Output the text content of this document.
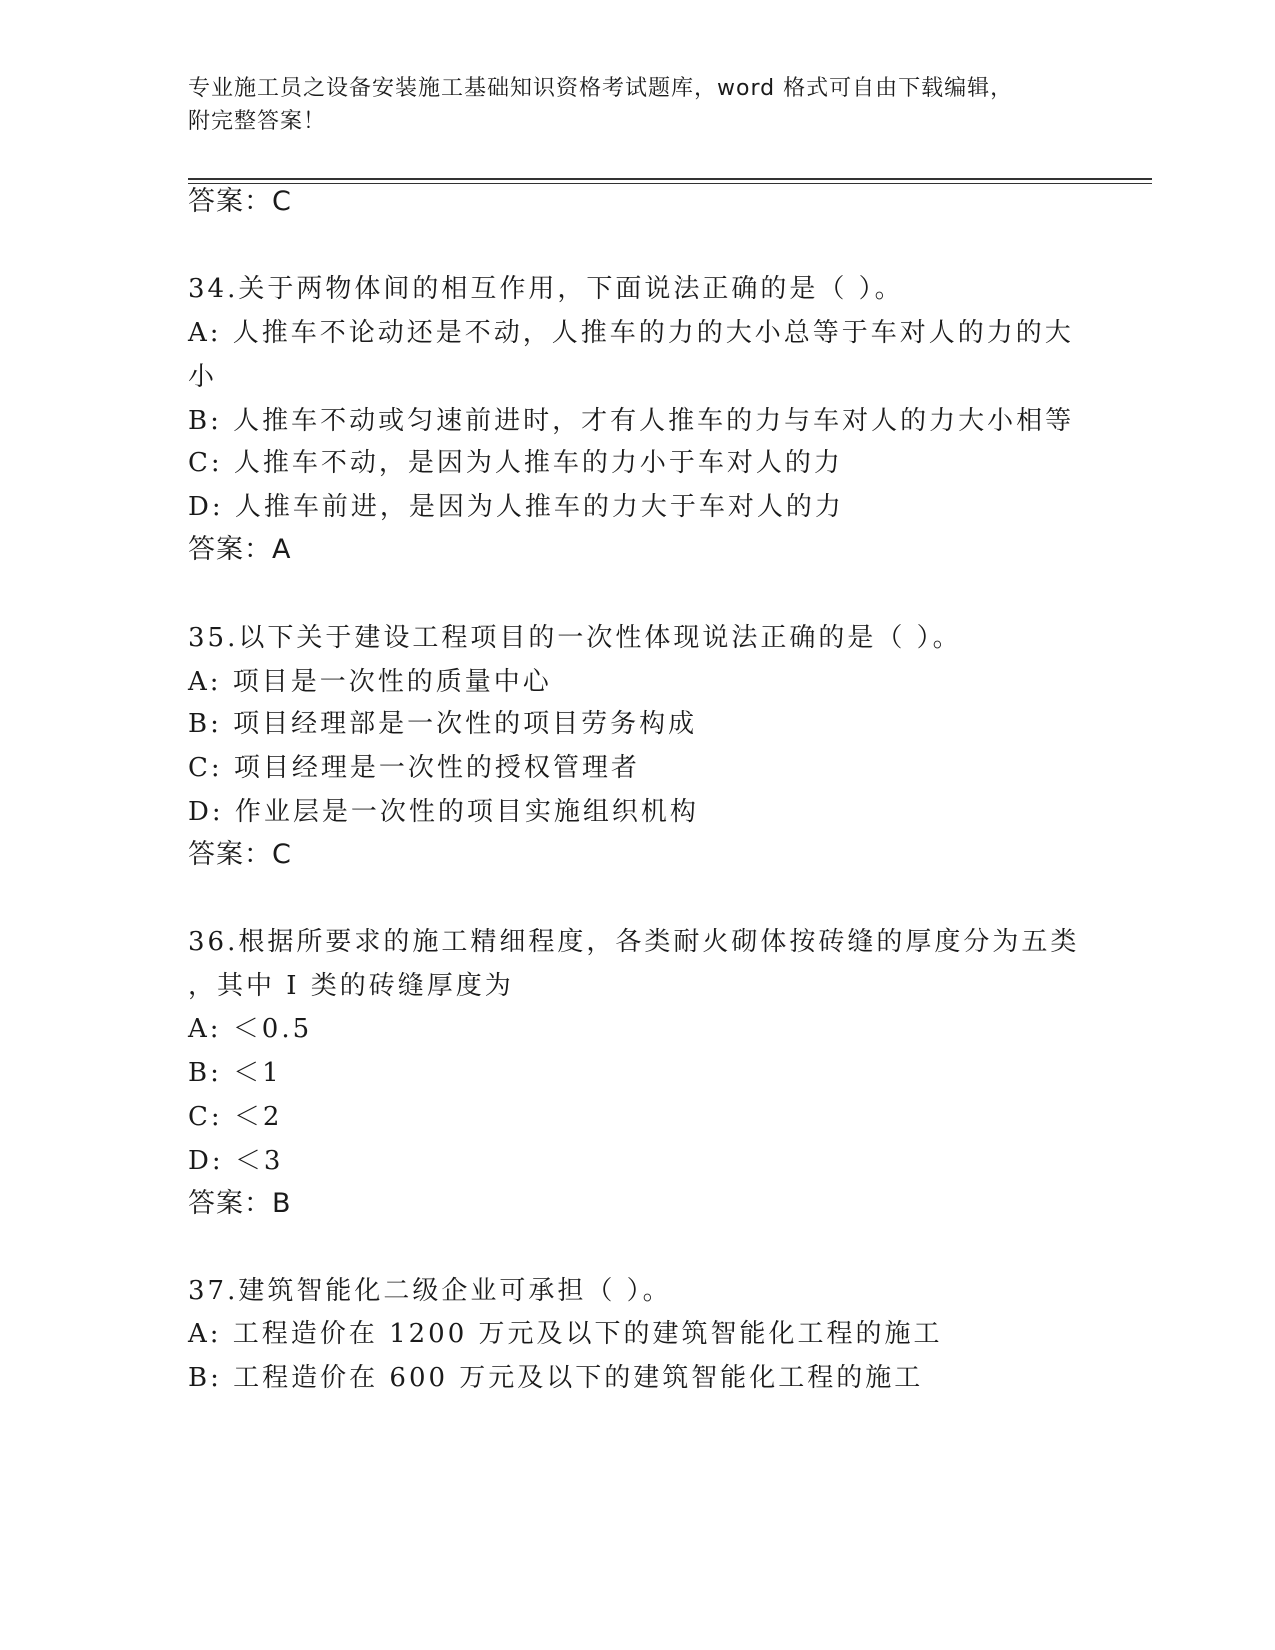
专业施工员之设备安装施工基础知识资格考试题库，word 格式可自由下载编辑，
附完整答案！
答案：C
34.关于两物体间的相互作用，下面说法正确的是（ ）。
A: 人推车不论动还是不动，人推车的力的大小总等于车对人的力的大
小
B: 人推车不动或匀速前进时，才有人推车的力与车对人的力大小相等
C: 人推车不动，是因为人推车的力小于车对人的力
D: 人推车前进，是因为人推车的力大于车对人的力
答案：A
35.以下关于建设工程项目的一次性体现说法正确的是（ ）。
A: 项目是一次性的质量中心
B: 项目经理部是一次性的项目劳务构成
C: 项目经理是一次性的授权管理者
D: 作业层是一次性的项目实施组织机构
答案：C
36.根据所要求的施工精细程度，各类耐火砌体按砖缝的厚度分为五类
，其中 I 类的砖缝厚度为
A: ＜0.5
B: ＜1
C: ＜2
D: ＜3
答案：B
37.建筑智能化二级企业可承担（ ）。
A: 工程造价在 1200 万元及以下的建筑智能化工程的施工
B: 工程造价在 600 万元及以下的建筑智能化工程的施工
